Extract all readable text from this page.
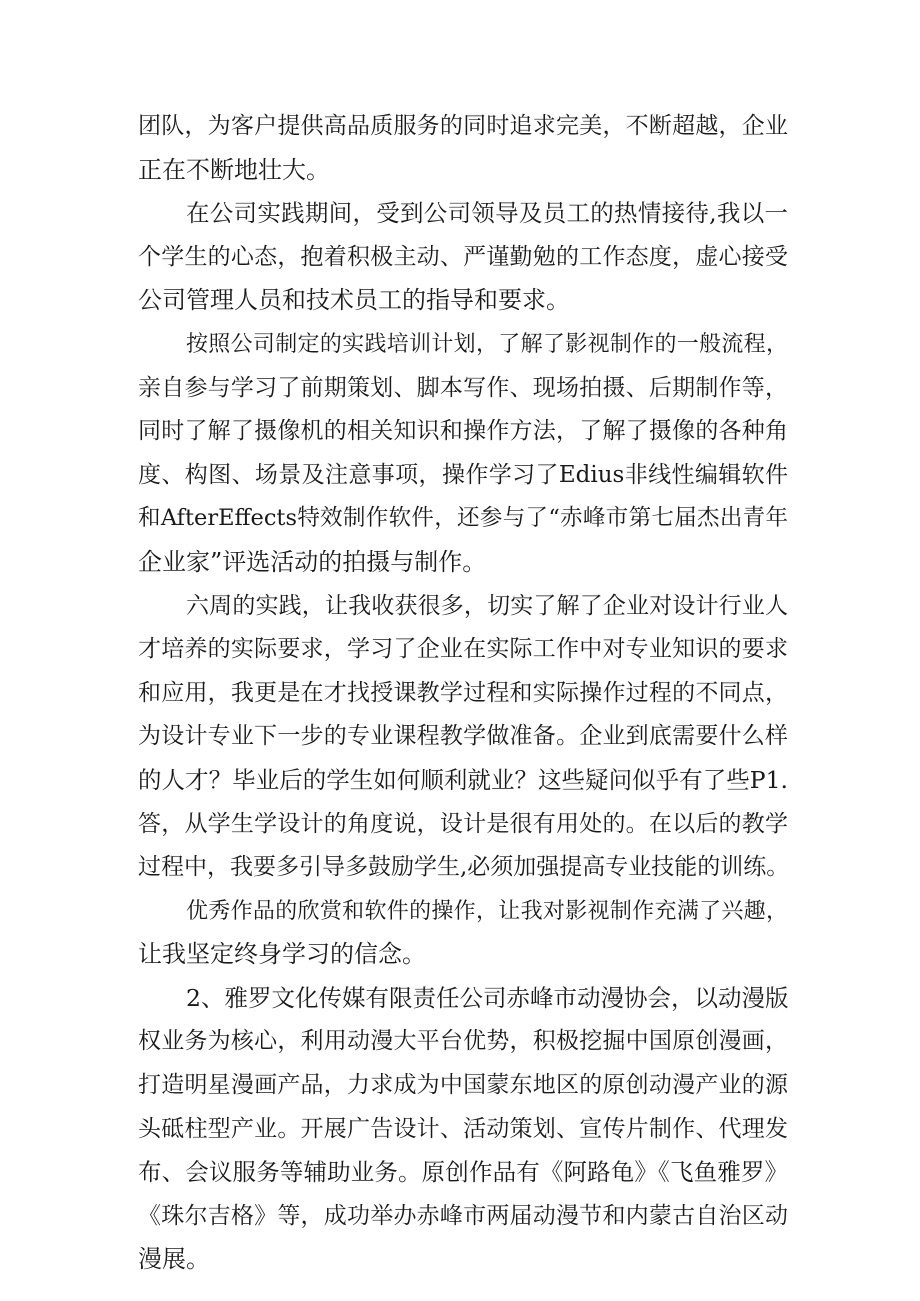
团队，为客户提供高品质服务的同时追求完美，不断超越，企业
正在不断地壮大。
在公司实践期间，受到公司领导及员工的热情接待,我以一
个学生的心态，抱着积极主动、严谨勤勉的工作态度，虚心接受
公司管理人员和技术员工的指导和要求。
按照公司制定的实践培训计划，了解了影视制作的一般流程，
亲自参与学习了前期策划、脚本写作、现场拍摄、后期制作等，
同时了解了摄像机的相关知识和操作方法，了解了摄像的各种角
度、构图、场景及注意事项，操作学习了Edius非线性编辑软件
和AfterEffects特效制作软件，还参与了“赤峰市第七届杰出青年
企业家”评选活动的拍摄与制作。
六周的实践，让我收获很多，切实了解了企业对设计行业人
才培养的实际要求，学习了企业在实际工作中对专业知识的要求
和应用，我更是在才找授课教学过程和实际操作过程的不同点，
为设计专业下一步的专业课程教学做准备。企业到底需要什么样
的人才？毕业后的学生如何顺利就业？这些疑问似乎有了些P1.
答，从学生学设计的角度说，设计是很有用处的。在以后的教学
过程中，我要多引导多鼓励学生,必须加强提高专业技能的训练。
优秀作品的欣赏和软件的操作，让我对影视制作充满了兴趣，
让我坚定终身学习的信念。
2、雅罗文化传媒有限责任公司赤峰市动漫协会，以动漫版
权业务为核心，利用动漫大平台优势，积极挖掘中国原创漫画，
打造明星漫画产品，力求成为中国蒙东地区的原创动漫产业的源
头砥柱型产业。开展广告设计、活动策划、宣传片制作、代理发
布、会议服务等辅助业务。原创作品有《阿路龟》《飞鱼雅罗》
《珠尔吉格》等，成功举办赤峰市两届动漫节和内蒙古自治区动
漫展。
